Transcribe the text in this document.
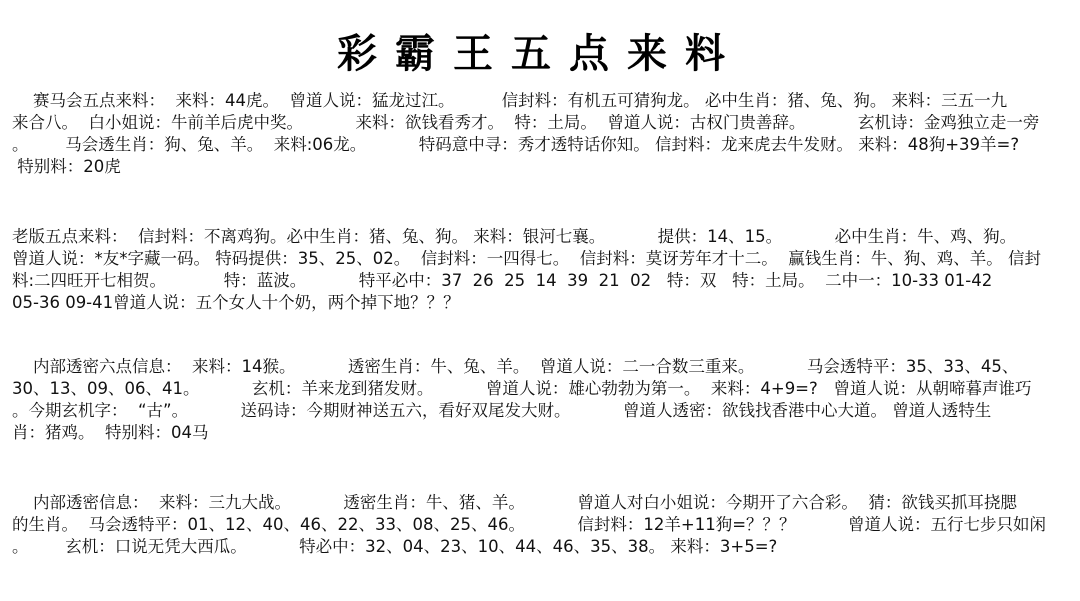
彩霸王五点来料
赛马会五点来料：  来料：44虎。  曾道人说：猛龙过江。         信封料：有机五可猜狗龙。 必中生肖：猪、兔、狗。 来料：三五一九
来合八。  白小姐说：牛前羊后虎中奖。          来料：欲钱看秀才。  特：土局。  曾道人说：古权门贵善辞。          玄机诗：金鸡独立走一旁
。       马会透生肖：狗、兔、羊。  来料:06龙。          特码意中寻：秀才透特话你知。 信封料：龙来虎去牛发财。 来料：48狗+39羊=?
特别料：20虎
老版五点来料：  信封料：不离鸡狗。必中生肖：猪、兔、狗。 来料：银河七襄。          提供：14、15。          必中生肖：牛、鸡、狗。
曾道人说：*友*字藏一码。 特码提供：35、25、02。  信封料：一四得七。  信封料：莫讶芳年才十二。  赢钱生肖：牛、狗、鸡、羊。 信封
料:二四旺开七相贺。           特：蓝波。          特平必中：37  26  25  14  39  21  02   特：双   特：土局。  二中一：10-33 01-42
05-36 09-41曾道人说：五个女人十个奶，两个掉下地？？？
内部透密六点信息：  来料：14猴。          透密生肖：牛、兔、羊。  曾道人说：二一合数三重来。          马会透特平：35、33、45、
30、13、09、06、41。          玄机：羊来龙到猪发财。          曾道人说：雄心勃勃为第一。  来料：4+9=?   曾道人说：从朝啼暮声谁巧
。今期玄机字：  “古”。          送码诗：今期财神送五六，看好双尾发大财。          曾道人透密：欲钱找香港中心大道。 曾道人透特生
肖：猪鸡。  特别料：04马
内部透密信息：  来料：三九大战。          透密生肖：牛、猪、羊。          曾道人对白小姐说：今期开了六合彩。  猜：欲钱买抓耳挠腮
的生肖。  马会透特平：01、12、40、46、22、33、08、25、46。          信封料：12羊+11狗=？？？          曾道人说：五行七步只如闲
。       玄机：口说无凭大西瓜。          特必中：32、04、23、10、44、46、35、38。 来料：3+5=?
